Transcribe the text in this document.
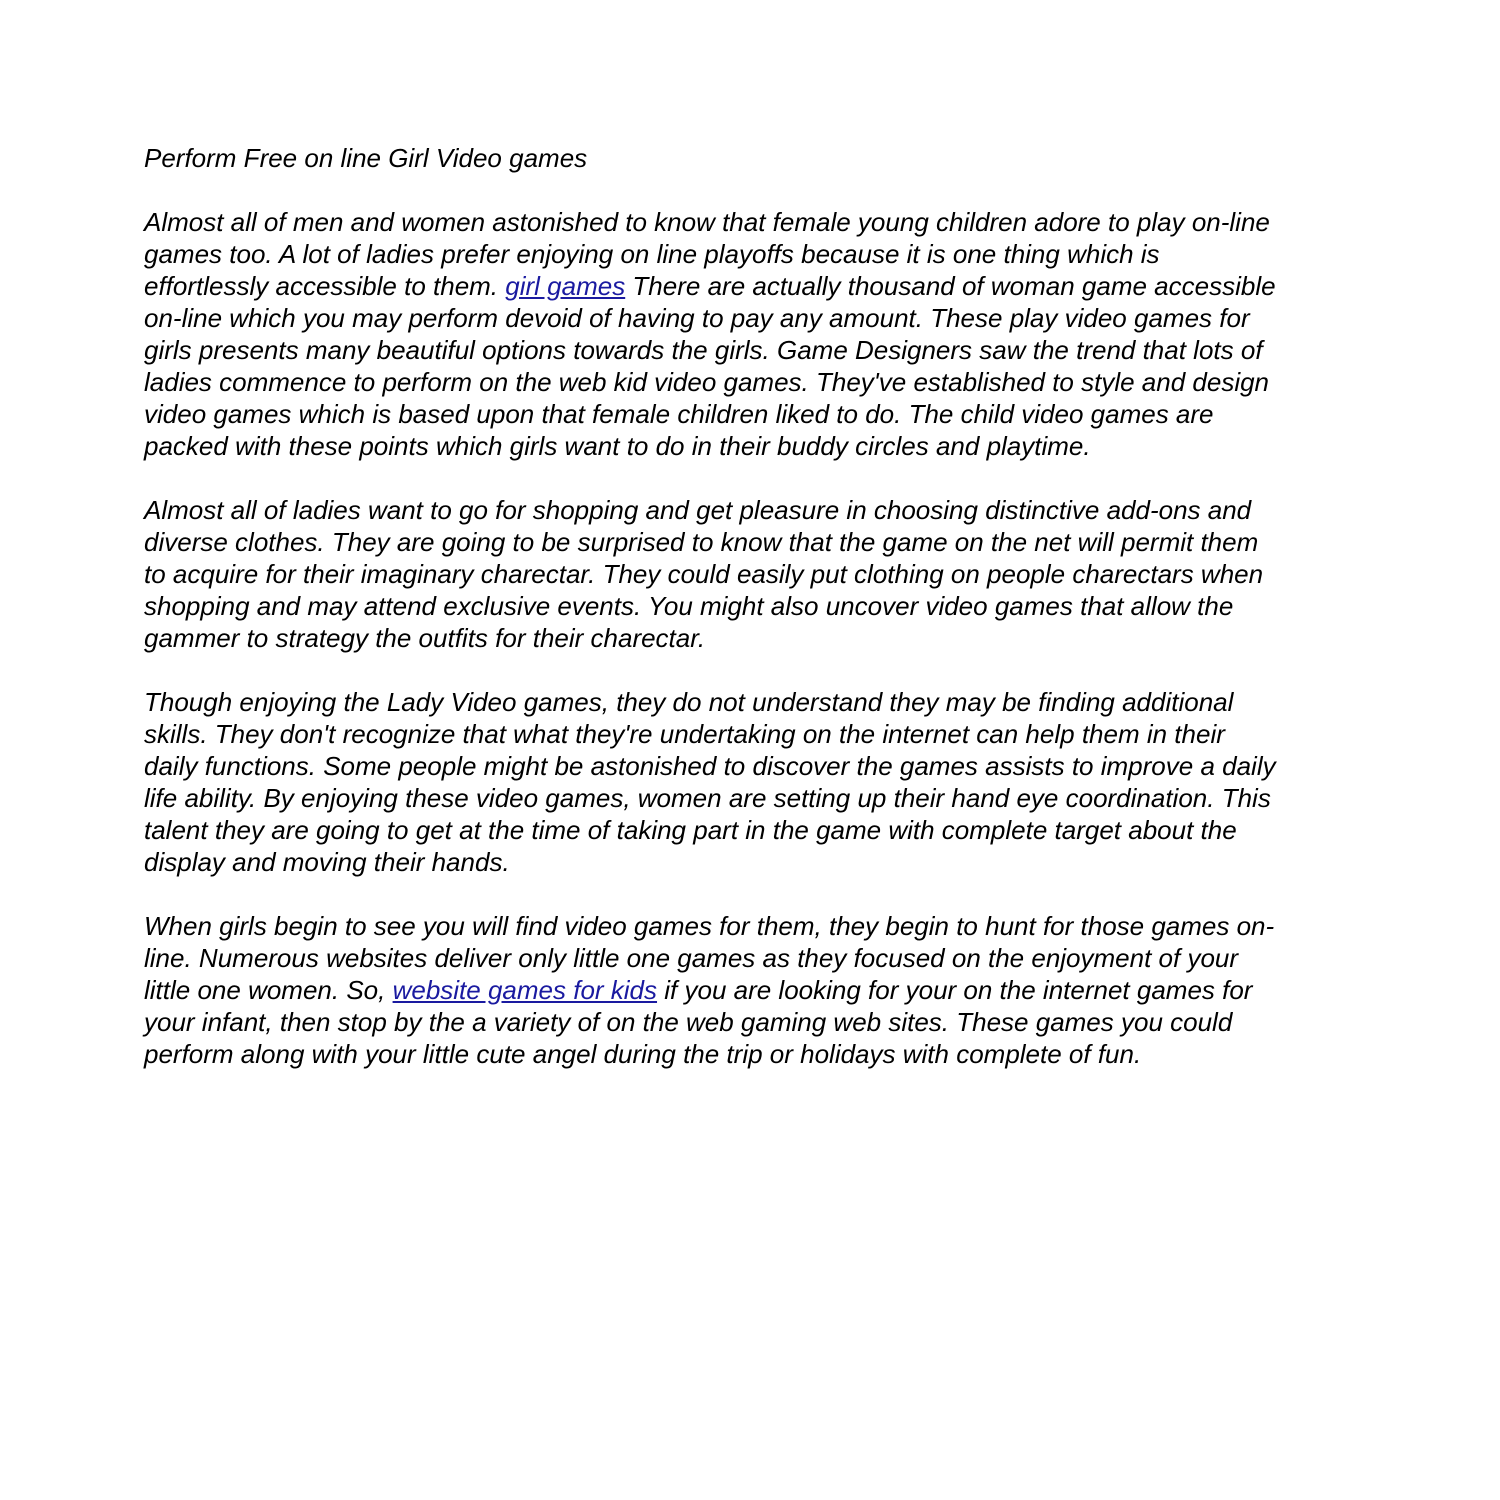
Perform Free on line Girl Video games
Almost all of men and women astonished to know that female young children adore to play on-line
games too. A lot of ladies prefer enjoying on line playoffs because it is one thing which is
effortlessly accessible to them. girl games There are actually thousand of woman game accessible
on-line which you may perform devoid of having to pay any amount. These play video games for
girls presents many beautiful options towards the girls. Game Designers saw the trend that lots of
ladies commence to perform on the web kid video games. They've established to style and design
video games which is based upon that female children liked to do. The child video games are
packed with these points which girls want to do in their buddy circles and playtime.
Almost all of ladies want to go for shopping and get pleasure in choosing distinctive add-ons and
diverse clothes. They are going to be surprised to know that the game on the net will permit them
to acquire for their imaginary charectar. They could easily put clothing on people charectars when
shopping and may attend exclusive events. You might also uncover video games that allow the
gammer to strategy the outfits for their charectar.
Though enjoying the Lady Video games, they do not understand they may be finding additional
skills. They don't recognize that what they're undertaking on the internet can help them in their
daily functions. Some people might be astonished to discover the games assists to improve a daily
life ability. By enjoying these video games, women are setting up their hand eye coordination. This
talent they are going to get at the time of taking part in the game with complete target about the
display and moving their hands.
When girls begin to see you will find video games for them, they begin to hunt for those games on-
line. Numerous websites deliver only little one games as they focused on the enjoyment of your
little one women. So, website games for kids if you are looking for your on the internet games for
your infant, then stop by the a variety of on the web gaming web sites. These games you could
perform along with your little cute angel during the trip or holidays with complete of fun.
